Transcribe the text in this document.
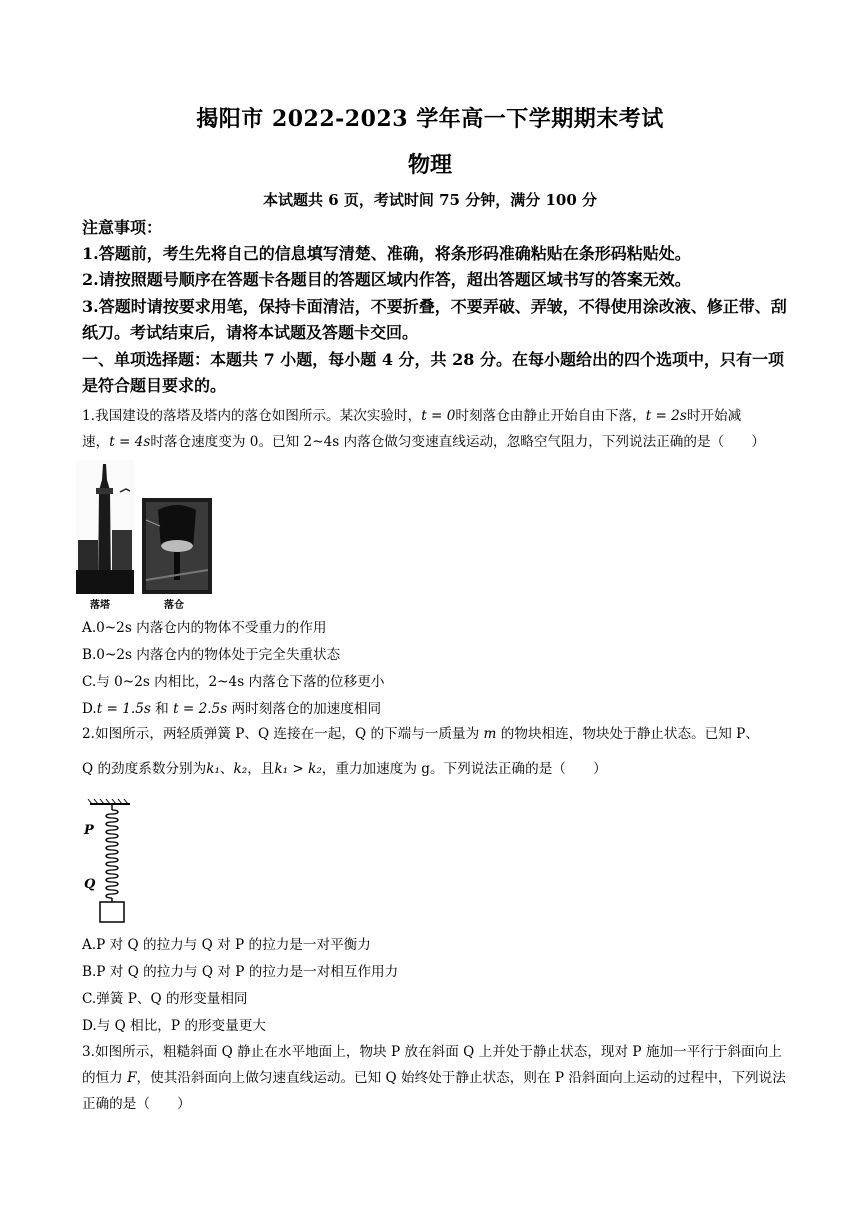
揭阳市 2022-2023 学年高一下学期期末考试
物理
本试题共 6 页，考试时间 75 分钟，满分 100 分
注意事项：
1.答题前，考生先将自己的信息填写清楚、准确，将条形码准确粘贴在条形码粘贴处。
2.请按照题号顺序在答题卡各题目的答题区域内作答，超出答题区域书写的答案无效。
3.答题时请按要求用笔，保持卡面清洁，不要折叠，不要弄破、弄皱，不得使用涂改液、修正带、刮纸刀。考试结束后，请将本试题及答题卡交回。
一、单项选择题：本题共 7 小题，每小题 4 分，共 28 分。在每小题给出的四个选项中，只有一项是符合题目要求的。
1.我国建设的落塔及塔内的落仓如图所示。某次实验时，t = 0时刻落仓由静止开始自由下落，t = 2s时开始减
速，t = 4s时落仓速度变为 0。已知 2~4s 内落仓做匀变速直线运动，忽略空气阻力，下列说法正确的是（　　）
落塔	落仓
A.0~2s 内落仓内的物体不受重力的作用
B.0~2s 内落仓内的物体处于完全失重状态
C.与 0~2s 内相比，2~4s 内落仓下落的位移更小
D.t = 1.5s 和 t = 2.5s 两时刻落仓的加速度相同
2.如图所示，两轻质弹簧 P、Q 连接在一起，Q 的下端与一质量为 m 的物块相连，物块处于静止状态。已知 P、
Q 的劲度系数分别为k₁、k₂，且k₁ > k₂，重力加速度为 g。下列说法正确的是（　　）
P
Q
A.P 对 Q 的拉力与 Q 对 P 的拉力是一对平衡力
B.P 对 Q 的拉力与 Q 对 P 的拉力是一对相互作用力
C.弹簧 P、Q 的形变量相同
D.与 Q 相比，P 的形变量更大
3.如图所示，粗糙斜面 Q 静止在水平地面上，物块 P 放在斜面 Q 上并处于静止状态，现对 P 施加一平行于斜面向上的恒力 F，使其沿斜面向上做匀速直线运动。已知 Q 始终处于静止状态，则在 P 沿斜面向上运动的过程中，下列说法正确的是（　　）
